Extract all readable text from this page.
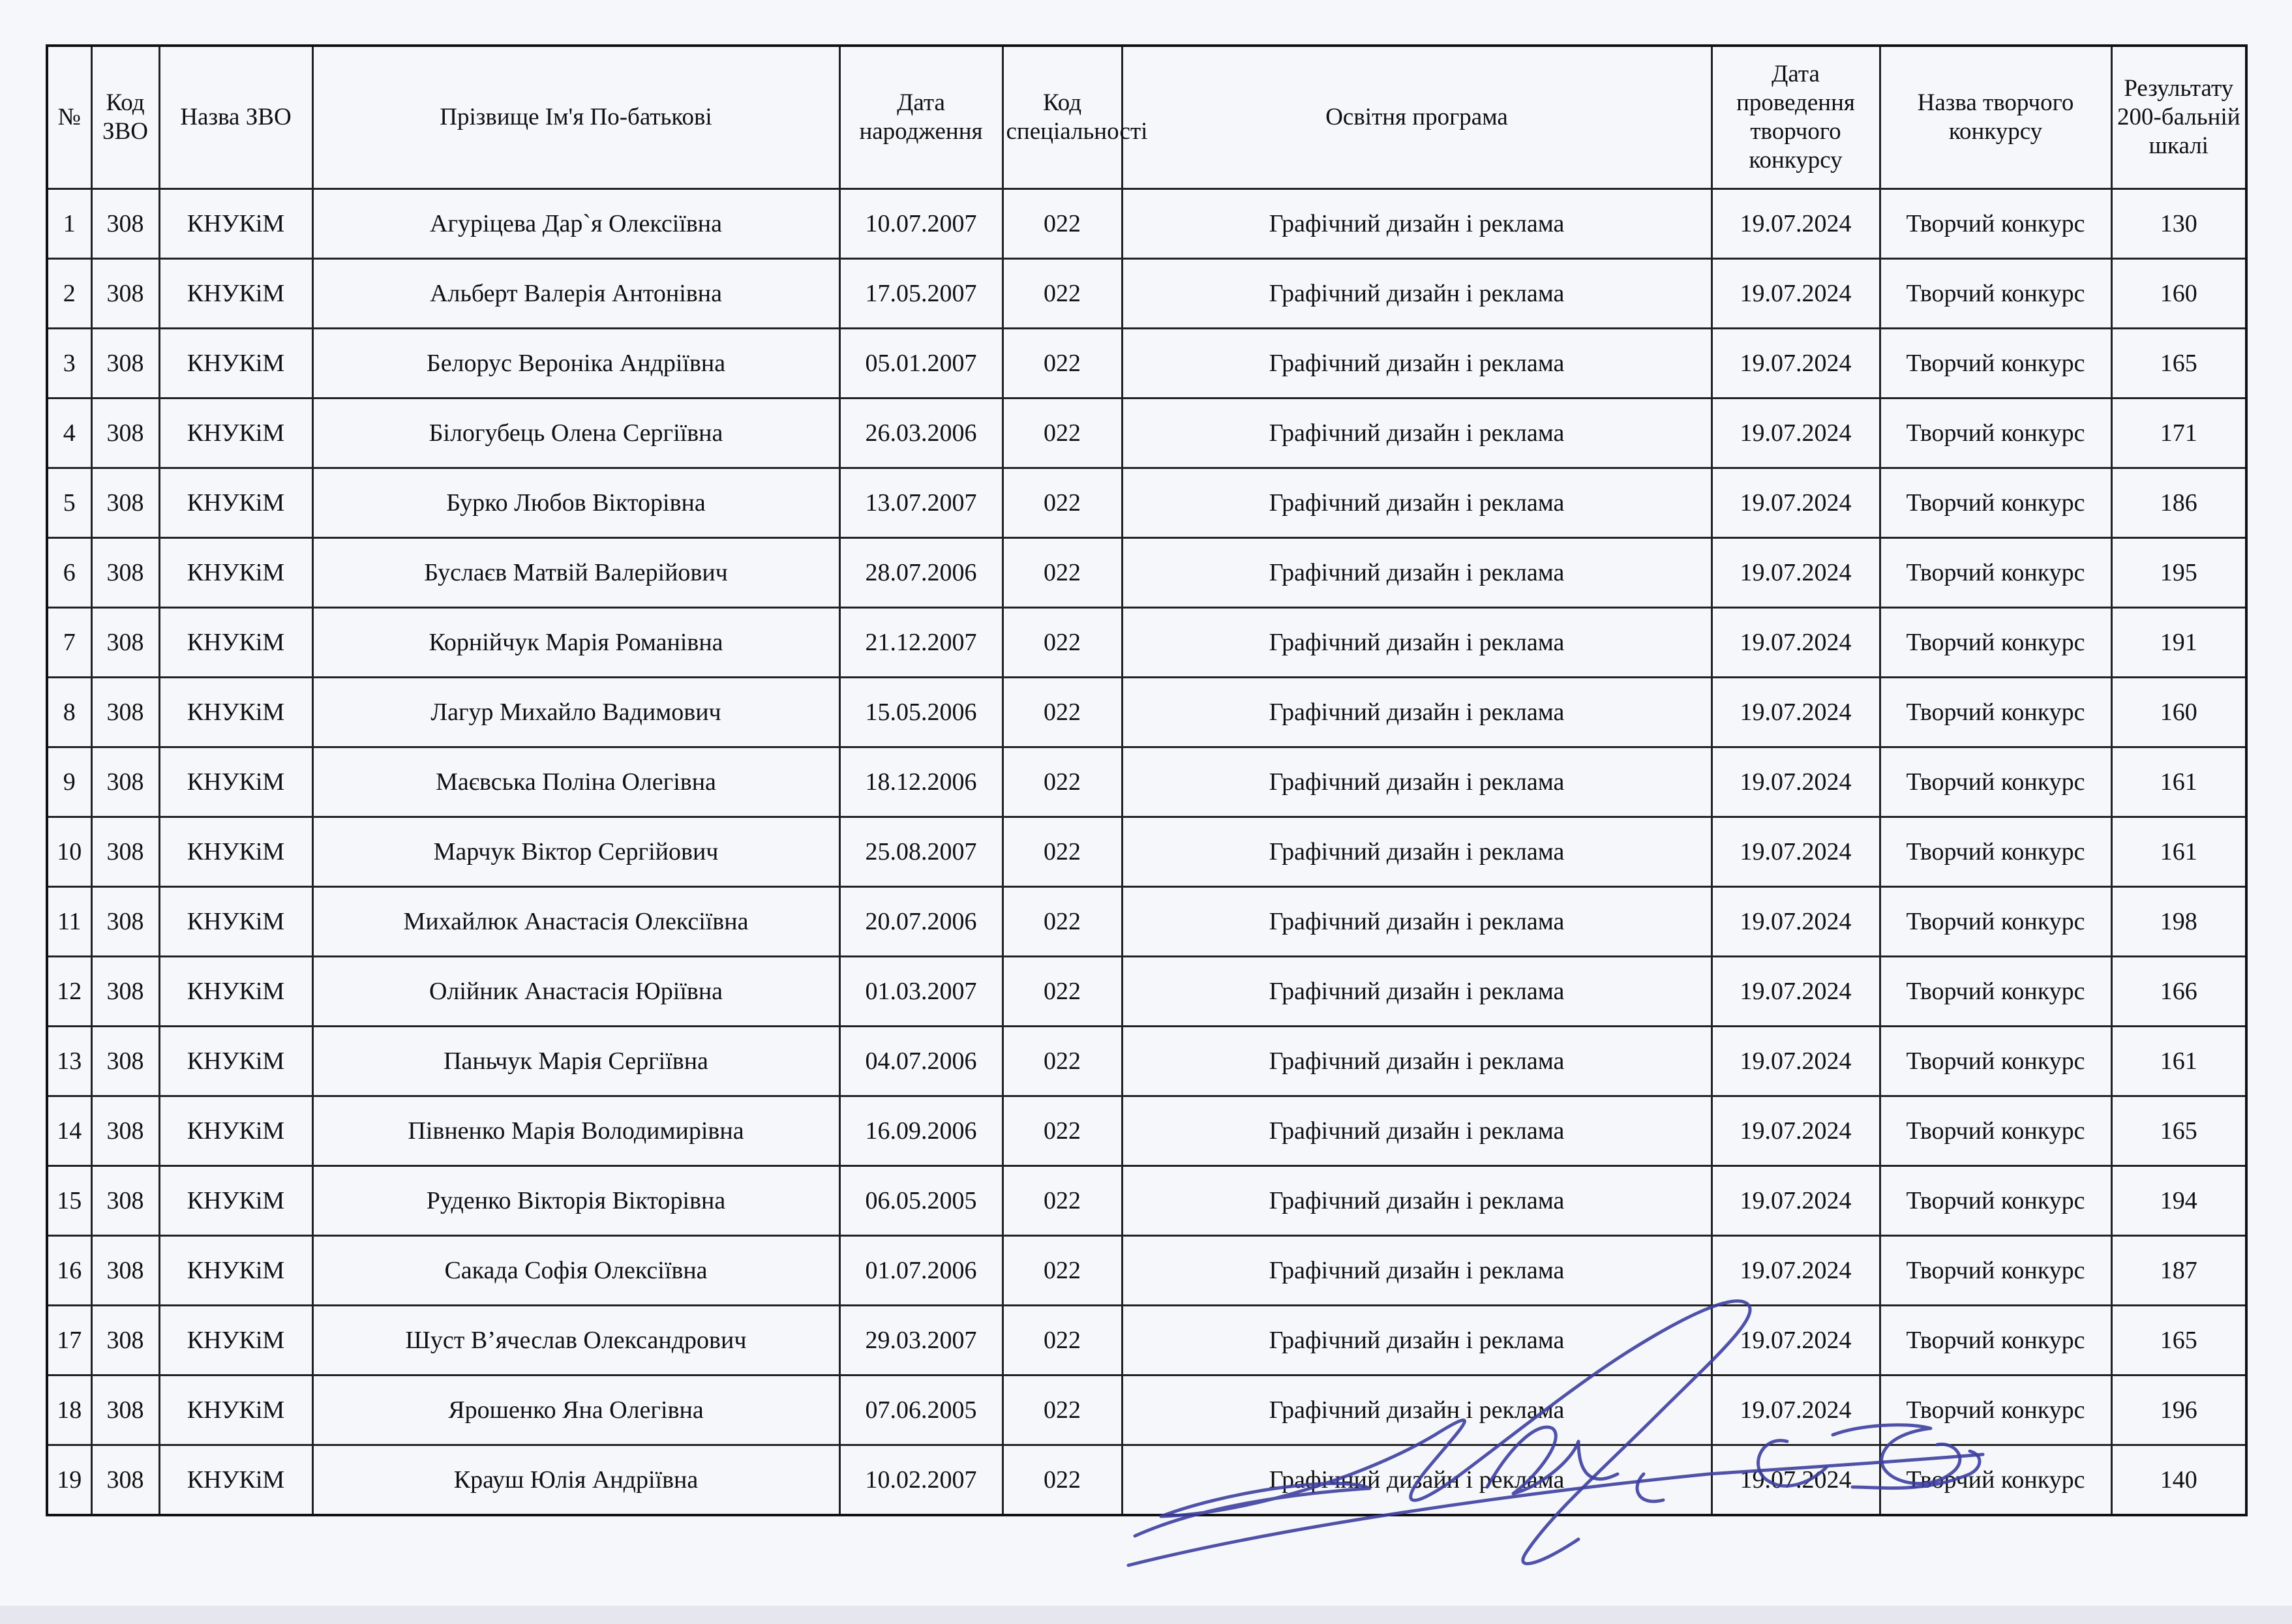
№	Код ЗВО	Назва ЗВО	Прізвище Ім'я По-батькові	Дата народження	Код спеціальності	Освітня програма	Дата проведення творчого конкурсу	Назва творчого конкурсу	Результату 200-бальній шкалі
1	308	КНУКіМ	Агуріцева Дар`я Олексіївна	10.07.2007	022	Графічний дизайн і реклама	19.07.2024	Творчий конкурс	130
2	308	КНУКіМ	Альберт Валерія Антонівна	17.05.2007	022	Графічний дизайн і реклама	19.07.2024	Творчий конкурс	160
3	308	КНУКіМ	Белорус Вероніка Андріївна	05.01.2007	022	Графічний дизайн і реклама	19.07.2024	Творчий конкурс	165
4	308	КНУКіМ	Білогубець Олена Сергіївна	26.03.2006	022	Графічний дизайн і реклама	19.07.2024	Творчий конкурс	171
5	308	КНУКіМ	Бурко Любов Вікторівна	13.07.2007	022	Графічний дизайн і реклама	19.07.2024	Творчий конкурс	186
6	308	КНУКіМ	Буслаєв Матвій Валерійович	28.07.2006	022	Графічний дизайн і реклама	19.07.2024	Творчий конкурс	195
7	308	КНУКіМ	Корнійчук Марія Романівна	21.12.2007	022	Графічний дизайн і реклама	19.07.2024	Творчий конкурс	191
8	308	КНУКіМ	Лагур Михайло Вадимович	15.05.2006	022	Графічний дизайн і реклама	19.07.2024	Творчий конкурс	160
9	308	КНУКіМ	Маєвська Поліна Олегівна	18.12.2006	022	Графічний дизайн і реклама	19.07.2024	Творчий конкурс	161
10	308	КНУКіМ	Марчук Віктор Сергійович	25.08.2007	022	Графічний дизайн і реклама	19.07.2024	Творчий конкурс	161
11	308	КНУКіМ	Михайлюк Анастасія Олексіївна	20.07.2006	022	Графічний дизайн і реклама	19.07.2024	Творчий конкурс	198
12	308	КНУКіМ	Олійник Анастасія Юріївна	01.03.2007	022	Графічний дизайн і реклама	19.07.2024	Творчий конкурс	166
13	308	КНУКіМ	Паньчук Марія Сергіївна	04.07.2006	022	Графічний дизайн і реклама	19.07.2024	Творчий конкурс	161
14	308	КНУКіМ	Півненко Марія Володимирівна	16.09.2006	022	Графічний дизайн і реклама	19.07.2024	Творчий конкурс	165
15	308	КНУКіМ	Руденко Вікторія Вікторівна	06.05.2005	022	Графічний дизайн і реклама	19.07.2024	Творчий конкурс	194
16	308	КНУКіМ	Сакада Софія Олексіївна	01.07.2006	022	Графічний дизайн і реклама	19.07.2024	Творчий конкурс	187
17	308	КНУКіМ	Шуст В’ячеслав Олександрович	29.03.2007	022	Графічний дизайн і реклама	19.07.2024	Творчий конкурс	165
18	308	КНУКіМ	Ярошенко Яна Олегівна	07.06.2005	022	Графічний дизайн і реклама	19.07.2024	Творчий конкурс	196
19	308	КНУКіМ	Крауш Юлія Андріївна	10.02.2007	022	Графічний дизайн і реклама	19.07.2024	Творчий конкурс	140
